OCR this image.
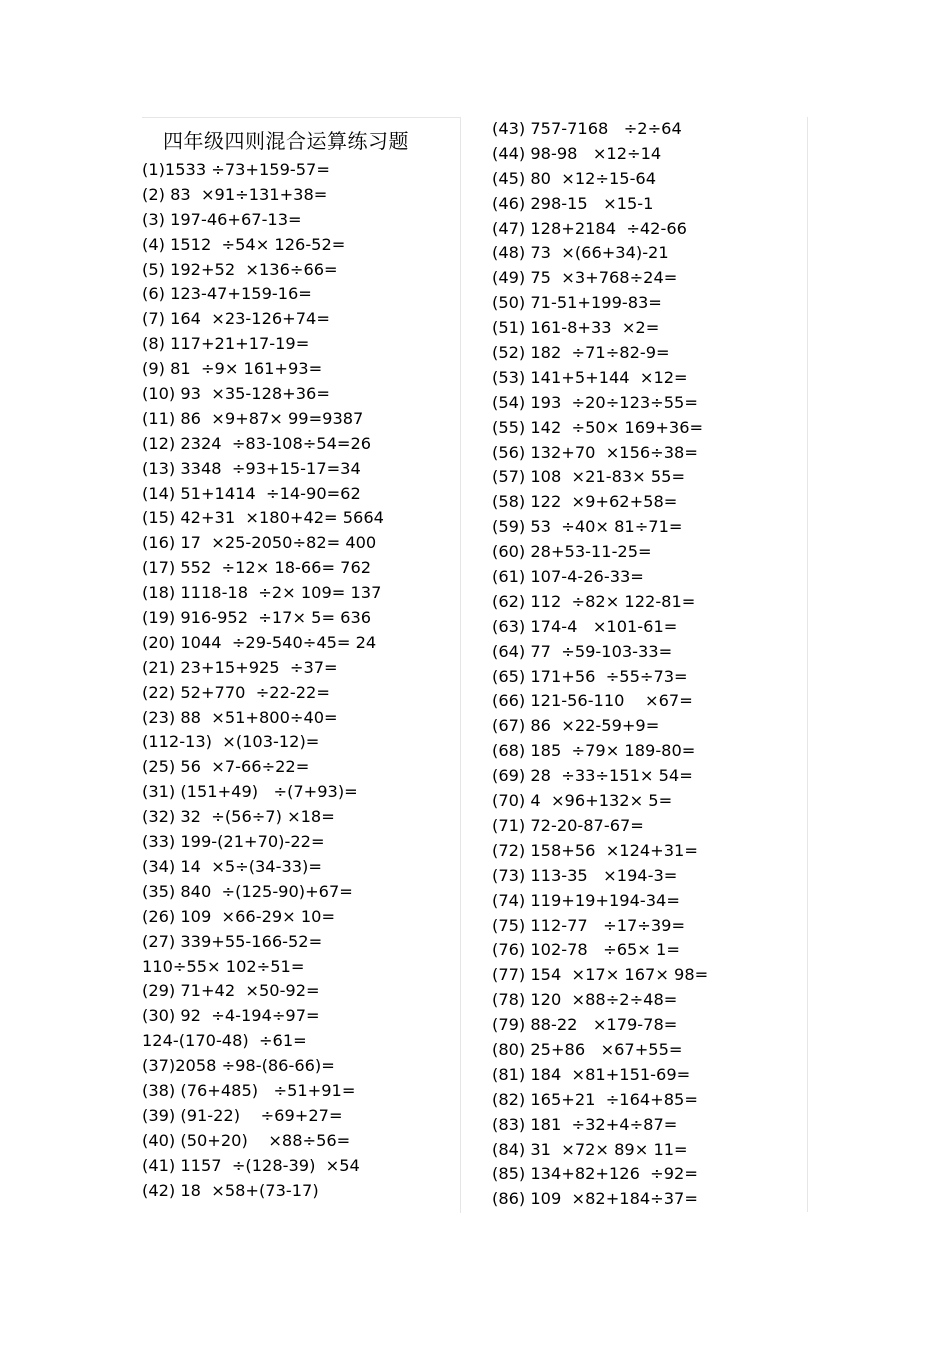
四年级四则混合运算练习题
(1)1533 ÷73+159-57=
(2) 83  ×91÷131+38=
(3) 197-46+67-13=
(4) 1512  ÷54× 126-52=
(5) 192+52  ×136÷66=
(6) 123-47+159-16=
(7) 164  ×23-126+74=
(8) 117+21+17-19=
(9) 81  ÷9× 161+93=
(10) 93  ×35-128+36=
(11) 86  ×9+87× 99=9387
(12) 2324  ÷83-108÷54=26
(13) 3348  ÷93+15-17=34
(14) 51+1414  ÷14-90=62
(15) 42+31  ×180+42= 5664
(16) 17  ×25-2050÷82= 400
(17) 552  ÷12× 18-66= 762
(18) 1118-18  ÷2× 109= 137
(19) 916-952  ÷17× 5= 636
(20) 1044  ÷29-540÷45= 24
(21) 23+15+925  ÷37=
(22) 52+770  ÷22-22=
(23) 88  ×51+800÷40=
(112-13)  ×(103-12)=
(25) 56  ×7-66÷22=
(31) (151+49)   ÷(7+93)=
(32) 32  ÷(56÷7) ×18=
(33) 199-(21+70)-22=
(34) 14  ×5÷(34-33)=
(35) 840  ÷(125-90)+67=
(26) 109  ×66-29× 10=
(27) 339+55-166-52=
110÷55× 102÷51=
(29) 71+42  ×50-92=
(30) 92  ÷4-194÷97=
124-(170-48)  ÷61=
(37)2058 ÷98-(86-66)=
(38) (76+485)   ÷51+91=
(39) (91-22)    ÷69+27=
(40) (50+20)    ×88÷56=
(41) 1157  ÷(128-39)  ×54
(42) 18  ×58+(73-17)
(43) 757-7168   ÷2÷64
(44) 98-98   ×12÷14
(45) 80  ×12÷15-64
(46) 298-15   ×15-1
(47) 128+2184  ÷42-66
(48) 73  ×(66+34)-21
(49) 75  ×3+768÷24=
(50) 71-51+199-83=
(51) 161-8+33  ×2=
(52) 182  ÷71÷82-9=
(53) 141+5+144  ×12=
(54) 193  ÷20÷123÷55=
(55) 142  ÷50× 169+36=
(56) 132+70  ×156÷38=
(57) 108  ×21-83× 55=
(58) 122  ×9+62+58=
(59) 53  ÷40× 81÷71=
(60) 28+53-11-25=
(61) 107-4-26-33=
(62) 112  ÷82× 122-81=
(63) 174-4   ×101-61=
(64) 77  ÷59-103-33=
(65) 171+56  ÷55÷73=
(66) 121-56-110    ×67=
(67) 86  ×22-59+9=
(68) 185  ÷79× 189-80=
(69) 28  ÷33÷151× 54=
(70) 4  ×96+132× 5=
(71) 72-20-87-67=
(72) 158+56  ×124+31=
(73) 113-35   ×194-3=
(74) 119+19+194-34=
(75) 112-77   ÷17÷39=
(76) 102-78   ÷65× 1=
(77) 154  ×17× 167× 98=
(78) 120  ×88÷2÷48=
(79) 88-22   ×179-78=
(80) 25+86   ×67+55=
(81) 184  ×81+151-69=
(82) 165+21  ÷164+85=
(83) 181  ÷32+4÷87=
(84) 31  ×72× 89× 11=
(85) 134+82+126  ÷92=
(86) 109  ×82+184÷37=
